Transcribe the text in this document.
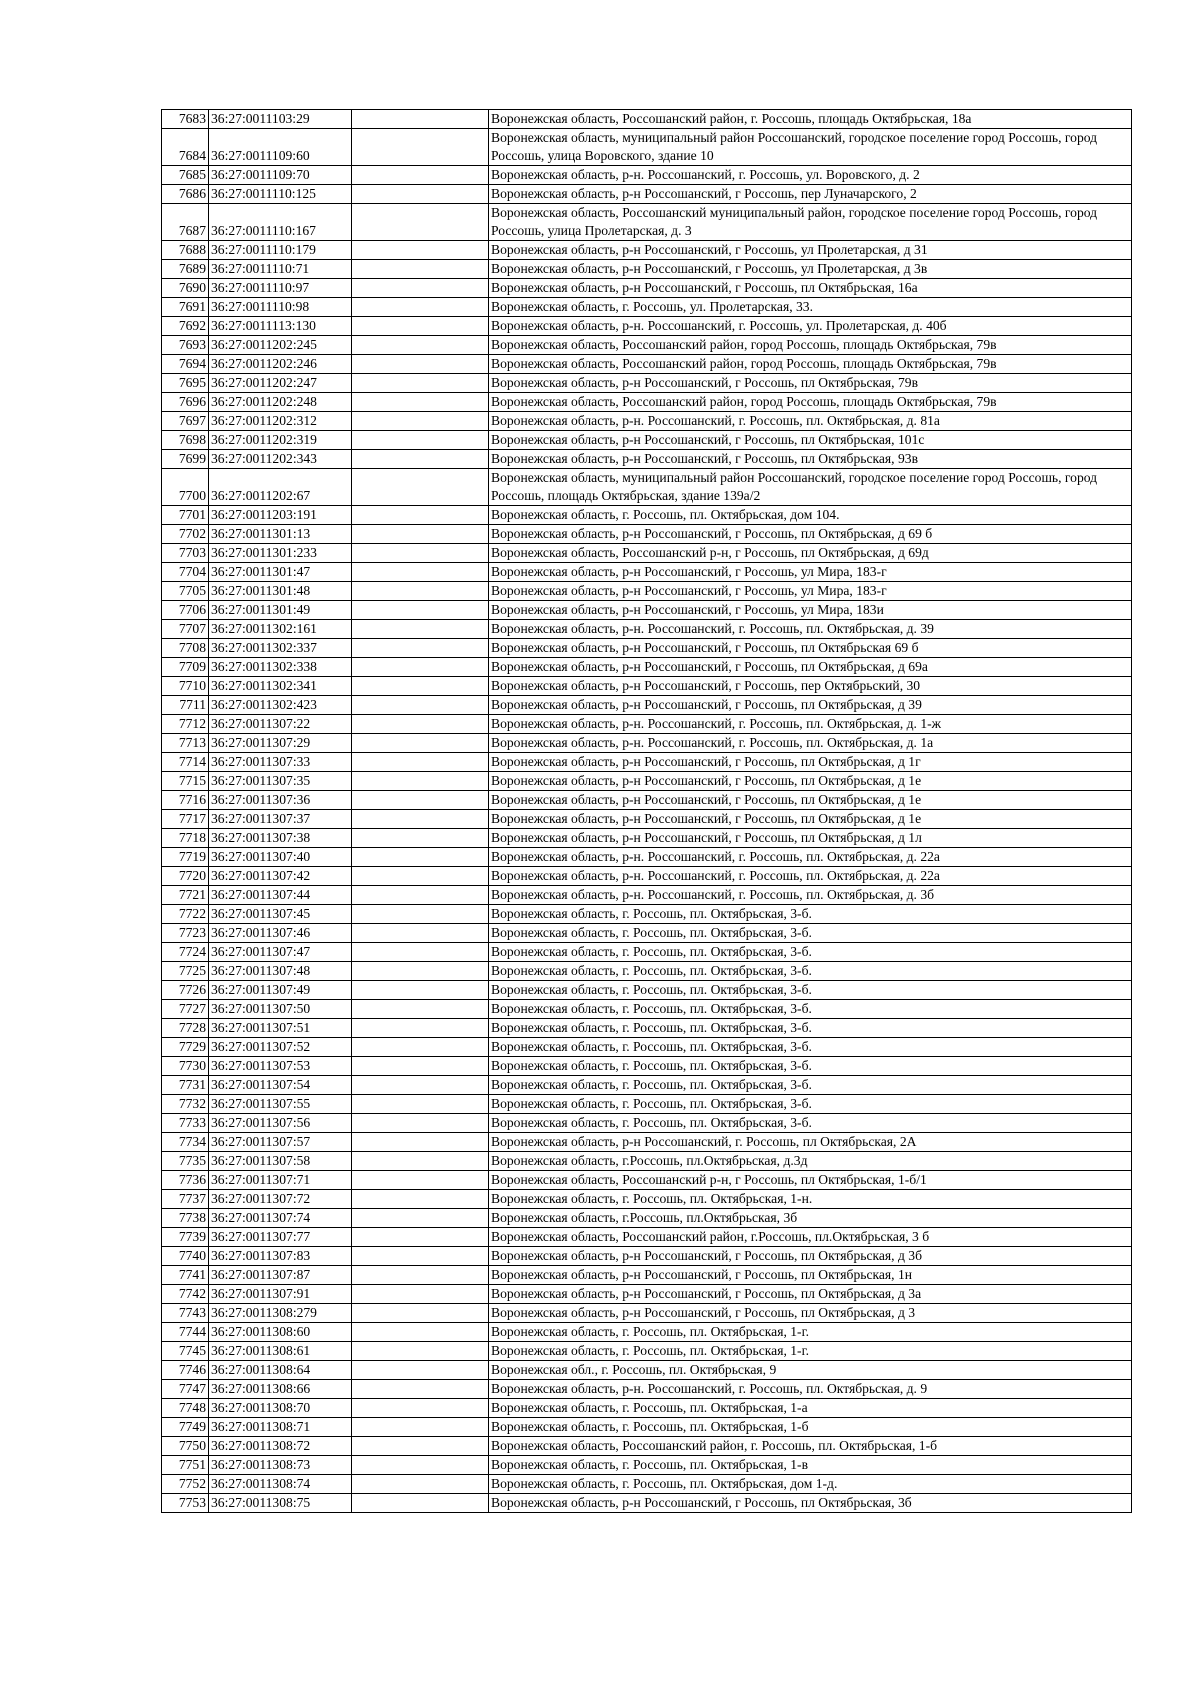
7683	36:27:0011103:29		Воронежская область, Россошанский район, г. Россошь, площадь Октябрьская, 18а
7684	36:27:0011109:60		Воронежская область, муниципальный район Россошанский, городское поселение город Россошь, город Россошь, улица Воровского, здание 10
7685	36:27:0011109:70		Воронежская область, р-н. Россошанский, г. Россошь, ул. Воровского, д. 2
7686	36:27:0011110:125		Воронежская область, р-н Россошанский, г Россошь, пер Луначарского, 2
7687	36:27:0011110:167		Воронежская область, Россошанский муниципальный район, городское поселение город Россошь, город Россошь, улица Пролетарская, д. 3
7688	36:27:0011110:179		Воронежская область, р-н Россошанский, г Россошь, ул Пролетарская, д 31
7689	36:27:0011110:71		Воронежская область, р-н Россошанский, г Россошь, ул Пролетарская, д 3в
7690	36:27:0011110:97		Воронежская область, р-н Россошанский, г Россошь, пл Октябрьская, 16а
7691	36:27:0011110:98		Воронежская область, г. Россошь, ул. Пролетарская, 33.
7692	36:27:0011113:130		Воронежская область, р-н. Россошанский, г. Россошь, ул. Пролетарская, д. 40б
7693	36:27:0011202:245		Воронежская область, Россошанский район, город Россошь, площадь Октябрьская, 79в
7694	36:27:0011202:246		Воронежская область, Россошанский район, город Россошь, площадь Октябрьская, 79в
7695	36:27:0011202:247		Воронежская область, р-н Россошанский, г Россошь, пл Октябрьская, 79в
7696	36:27:0011202:248		Воронежская область, Россошанский район, город Россошь, площадь Октябрьская, 79в
7697	36:27:0011202:312		Воронежская область, р-н. Россошанский, г. Россошь, пл. Октябрьская, д. 81а
7698	36:27:0011202:319		Воронежская область, р-н Россошанский, г Россошь, пл Октябрьская, 101с
7699	36:27:0011202:343		Воронежская область, р-н Россошанский, г Россошь, пл Октябрьская, 93в
7700	36:27:0011202:67		Воронежская область, муниципальный район Россошанский, городское поселение город Россошь, город Россошь, площадь Октябрьская, здание 139а/2
7701	36:27:0011203:191		Воронежская область, г. Россошь, пл. Октябрьская, дом 104.
7702	36:27:0011301:13		Воронежская область, р-н Россошанский, г Россошь, пл Октябрьская, д 69 б
7703	36:27:0011301:233		Воронежская область, Россошанский р-н, г Россошь, пл Октябрьская, д 69д
7704	36:27:0011301:47		Воронежская область, р-н Россошанский, г Россошь, ул Мира, 183-г
7705	36:27:0011301:48		Воронежская область, р-н Россошанский, г Россошь, ул Мира, 183-г
7706	36:27:0011301:49		Воронежская область, р-н Россошанский, г Россошь, ул Мира, 183и
7707	36:27:0011302:161		Воронежская область, р-н. Россошанский, г. Россошь, пл. Октябрьская, д. 39
7708	36:27:0011302:337		Воронежская область, р-н Россошанский, г Россошь, пл Октябрьская 69 б
7709	36:27:0011302:338		Воронежская область, р-н Россошанский, г Россошь, пл Октябрьская, д 69а
7710	36:27:0011302:341		Воронежская область, р-н Россошанский, г Россошь, пер Октябрьский, 30
7711	36:27:0011302:423		Воронежская область, р-н Россошанский, г Россошь, пл Октябрьская, д 39
7712	36:27:0011307:22		Воронежская область, р-н. Россошанский, г. Россошь, пл. Октябрьская, д. 1-ж
7713	36:27:0011307:29		Воронежская область, р-н. Россошанский, г. Россошь, пл. Октябрьская, д. 1а
7714	36:27:0011307:33		Воронежская область, р-н Россошанский, г Россошь, пл Октябрьская, д 1г
7715	36:27:0011307:35		Воронежская область, р-н Россошанский, г Россошь, пл Октябрьская, д 1е
7716	36:27:0011307:36		Воронежская область, р-н Россошанский, г Россошь, пл Октябрьская, д 1е
7717	36:27:0011307:37		Воронежская область, р-н Россошанский, г Россошь, пл Октябрьская, д 1е
7718	36:27:0011307:38		Воронежская область, р-н Россошанский, г Россошь, пл Октябрьская, д 1л
7719	36:27:0011307:40		Воронежская область, р-н. Россошанский, г. Россошь, пл. Октябрьская, д. 22а
7720	36:27:0011307:42		Воронежская область, р-н. Россошанский, г. Россошь, пл. Октябрьская, д. 22а
7721	36:27:0011307:44		Воронежская область, р-н. Россошанский, г. Россошь, пл. Октябрьская, д. 3б
7722	36:27:0011307:45		Воронежская область, г. Россошь, пл. Октябрьская, 3-б.
7723	36:27:0011307:46		Воронежская область, г. Россошь, пл. Октябрьская, 3-б.
7724	36:27:0011307:47		Воронежская область, г. Россошь, пл. Октябрьская, 3-б.
7725	36:27:0011307:48		Воронежская область, г. Россошь, пл. Октябрьская, 3-б.
7726	36:27:0011307:49		Воронежская область, г. Россошь, пл. Октябрьская, 3-б.
7727	36:27:0011307:50		Воронежская область, г. Россошь, пл. Октябрьская, 3-б.
7728	36:27:0011307:51		Воронежская область, г. Россошь, пл. Октябрьская, 3-б.
7729	36:27:0011307:52		Воронежская область, г. Россошь, пл. Октябрьская, 3-б.
7730	36:27:0011307:53		Воронежская область, г. Россошь, пл. Октябрьская, 3-б.
7731	36:27:0011307:54		Воронежская область, г. Россошь, пл. Октябрьская, 3-б.
7732	36:27:0011307:55		Воронежская область, г. Россошь, пл. Октябрьская, 3-б.
7733	36:27:0011307:56		Воронежская область, г. Россошь, пл. Октябрьская, 3-б.
7734	36:27:0011307:57		Воронежская область, р-н Россошанский, г. Россошь, пл Октябрьская, 2А
7735	36:27:0011307:58		Воронежская область, г.Россошь, пл.Октябрьская, д.3д
7736	36:27:0011307:71		Воронежская область, Россошанский р-н, г Россошь, пл Октябрьская, 1-б/1
7737	36:27:0011307:72		Воронежская область, г. Россошь, пл. Октябрьская, 1-н.
7738	36:27:0011307:74		Воронежская область, г.Россошь, пл.Октябрьская, 3б
7739	36:27:0011307:77		Воронежская область, Россошанский район, г.Россошь, пл.Октябрьская, 3 б
7740	36:27:0011307:83		Воронежская область, р-н Россошанский, г Россошь, пл Октябрьская, д 3б
7741	36:27:0011307:87		Воронежская область, р-н Россошанский, г Россошь, пл Октябрьская, 1н
7742	36:27:0011307:91		Воронежская область, р-н Россошанский, г Россошь, пл Октябрьская, д 3а
7743	36:27:0011308:279		Воронежская область, р-н Россошанский, г Россошь, пл Октябрьская, д 3
7744	36:27:0011308:60		Воронежская область, г. Россошь, пл. Октябрьская, 1-г.
7745	36:27:0011308:61		Воронежская область, г. Россошь, пл. Октябрьская, 1-г.
7746	36:27:0011308:64		Воронежская обл., г. Россошь, пл. Октябрьская, 9
7747	36:27:0011308:66		Воронежская область, р-н. Россошанский, г. Россошь, пл. Октябрьская, д. 9
7748	36:27:0011308:70		Воронежская область, г. Россошь, пл. Октябрьская, 1-а
7749	36:27:0011308:71		Воронежская область, г. Россошь, пл. Октябрьская, 1-б
7750	36:27:0011308:72		Воронежская область, Россошанский район, г. Россошь, пл. Октябрьская, 1-б
7751	36:27:0011308:73		Воронежская область, г. Россошь, пл. Октябрьская, 1-в
7752	36:27:0011308:74		Воронежская область, г. Россошь, пл. Октябрьская, дом 1-д.
7753	36:27:0011308:75		Воронежская область, р-н Россошанский, г Россошь, пл Октябрьская, 3б
